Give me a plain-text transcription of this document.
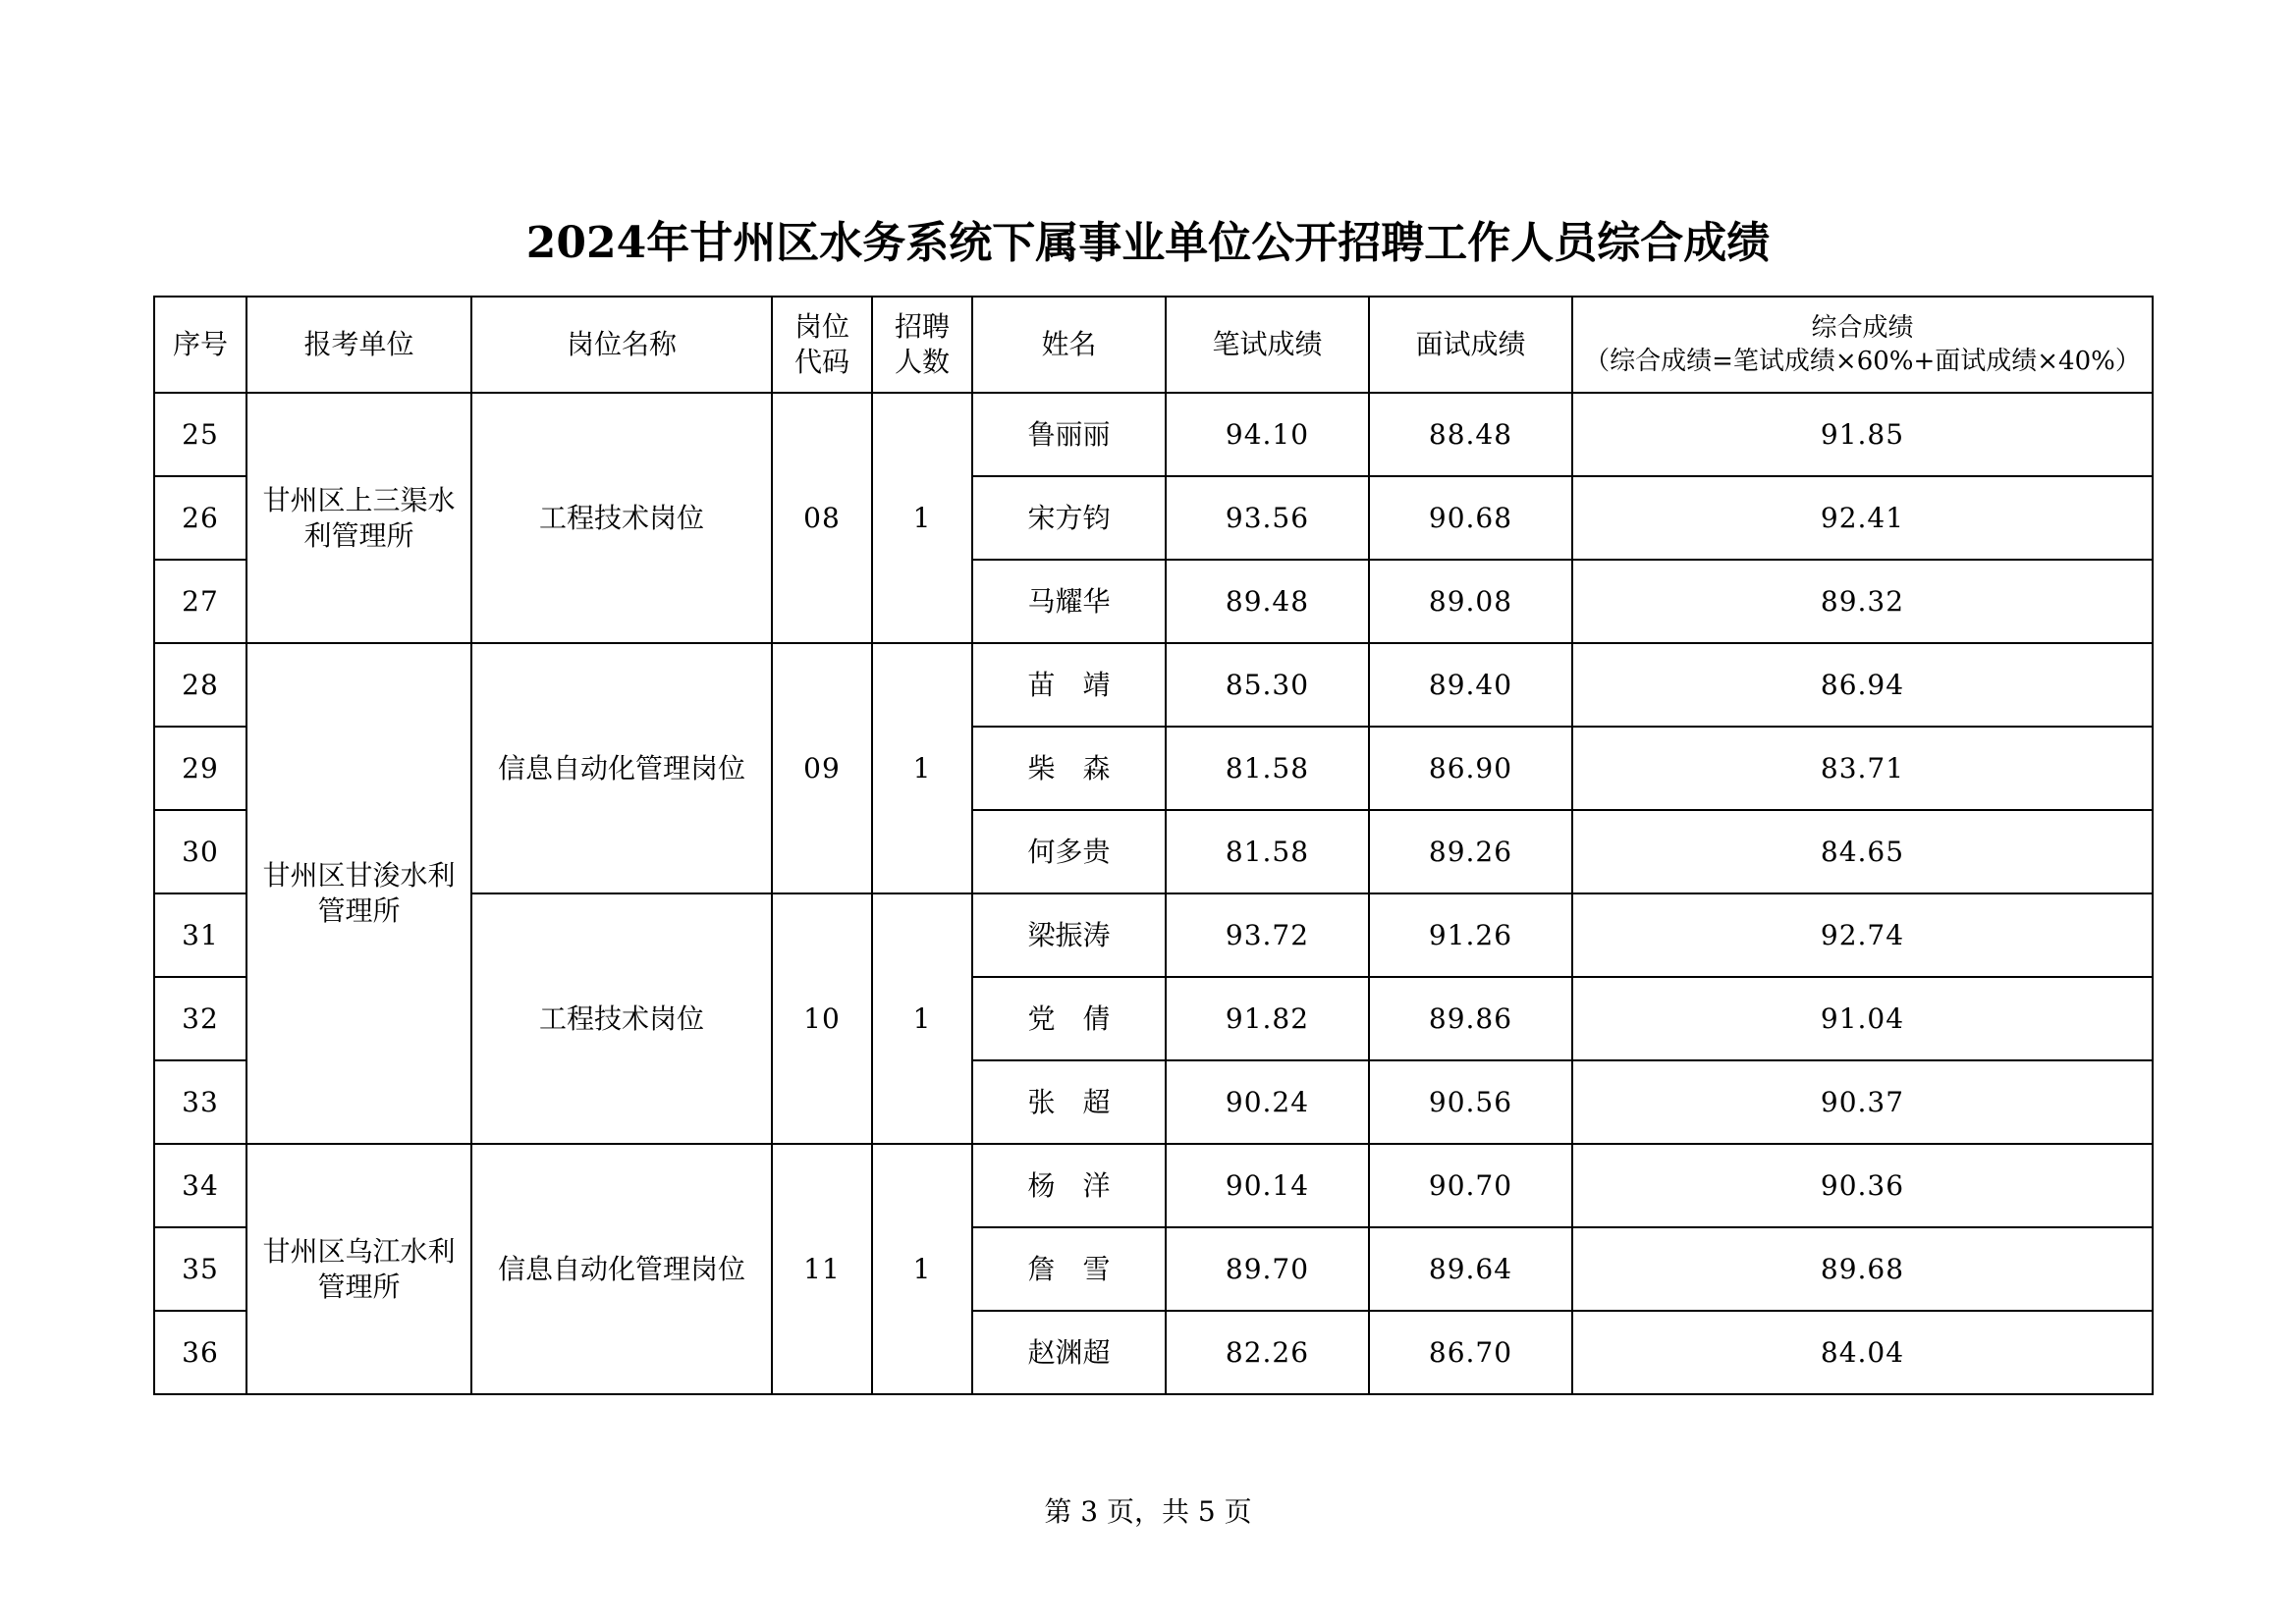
2024年甘州区水务系统下属事业单位公开招聘工作人员综合成绩
序号	报考单位	岗位名称	岗位代码	招聘人数	姓名	笔试成绩	面试成绩	综合成绩
（综合成绩=笔试成绩×60%+面试成绩×40%）

25	甘州区上三渠水利管理所	工程技术岗位	08	1	鲁丽丽	94.10	88.48	91.85
26					宋方钧	93.56	90.68	92.41
27					马耀华	89.48	89.08	89.32
28	甘州区甘浚水利管理所	信息自动化管理岗位	09	1	苗　靖	85.30	89.40	86.94
29					柴　森	81.58	86.90	83.71
30					何多贵	81.58	89.26	84.65
31		工程技术岗位	10	1	梁振涛	93.72	91.26	92.74
32					党　倩	91.82	89.86	91.04
33					张　超	90.24	90.56	90.37
34	甘州区乌江水利管理所	信息自动化管理岗位	11	1	杨　洋	90.14	90.70	90.36
35					詹　雪	89.70	89.64	89.68
36					赵渊超	82.26	86.70	84.04
第 3 页，共 5 页
